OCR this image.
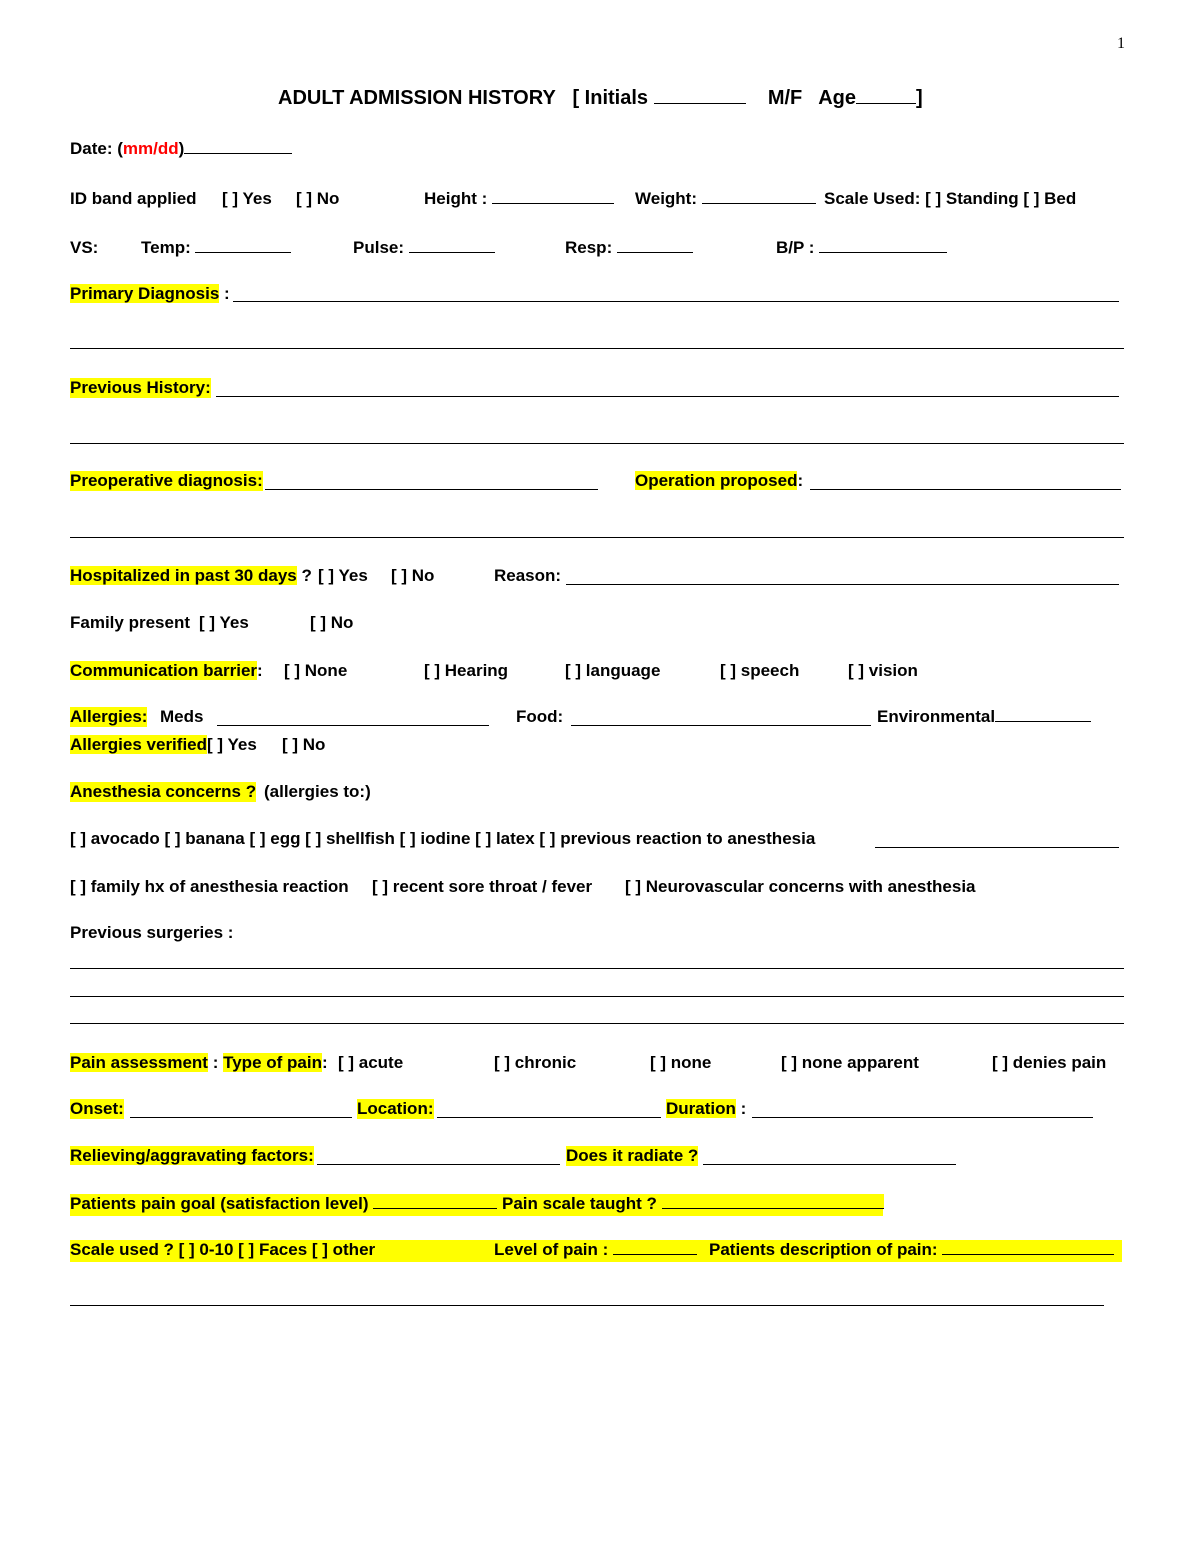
1
ADULT ADMISSION HISTORY [ Initials	M/F Age	]
Date: (mm/dd)
ID band applied [ ] Yes [ ] No	Height :	Weight:	Scale Used: [ ] Standing [ ] Bed
VS:	Temp:	Pulse:	Resp:	B/P :
Primary Diagnosis :
Previous History:
Preoperative diagnosis:	Operation proposed:
Hospitalized in past 30 days ? [ ] Yes [ ] No	Reason:
Family present [ ] Yes	[ ] No
Communication barrier: [ ] None	[ ] Hearing	[ ] language	[ ] speech	[ ] vision
Allergies: Meds	Food:	Environmental
Allergies verified[ ] Yes [ ] No
Anesthesia concerns ? (allergies to:)
[ ] avocado [ ] banana [ ] egg [ ] shellfish [ ] iodine [ ] latex [ ] previous reaction to anesthesia
[ ] family hx of anesthesia reaction [ ] recent sore throat / fever [ ] Neurovascular concerns with anesthesia
Previous surgeries :
Pain assessment : Type of pain: [ ] acute	[ ] chronic	[ ] none	[ ] none apparent	[ ] denies pain
Onset:	Location:	Duration :
Relieving/aggravating factors:	Does it radiate ?
Patients pain goal (satisfaction level)	Pain scale taught ?
Scale used ? [ ] 0-10 [ ] Faces [ ] other	Level of pain :	Patients description of pain:
